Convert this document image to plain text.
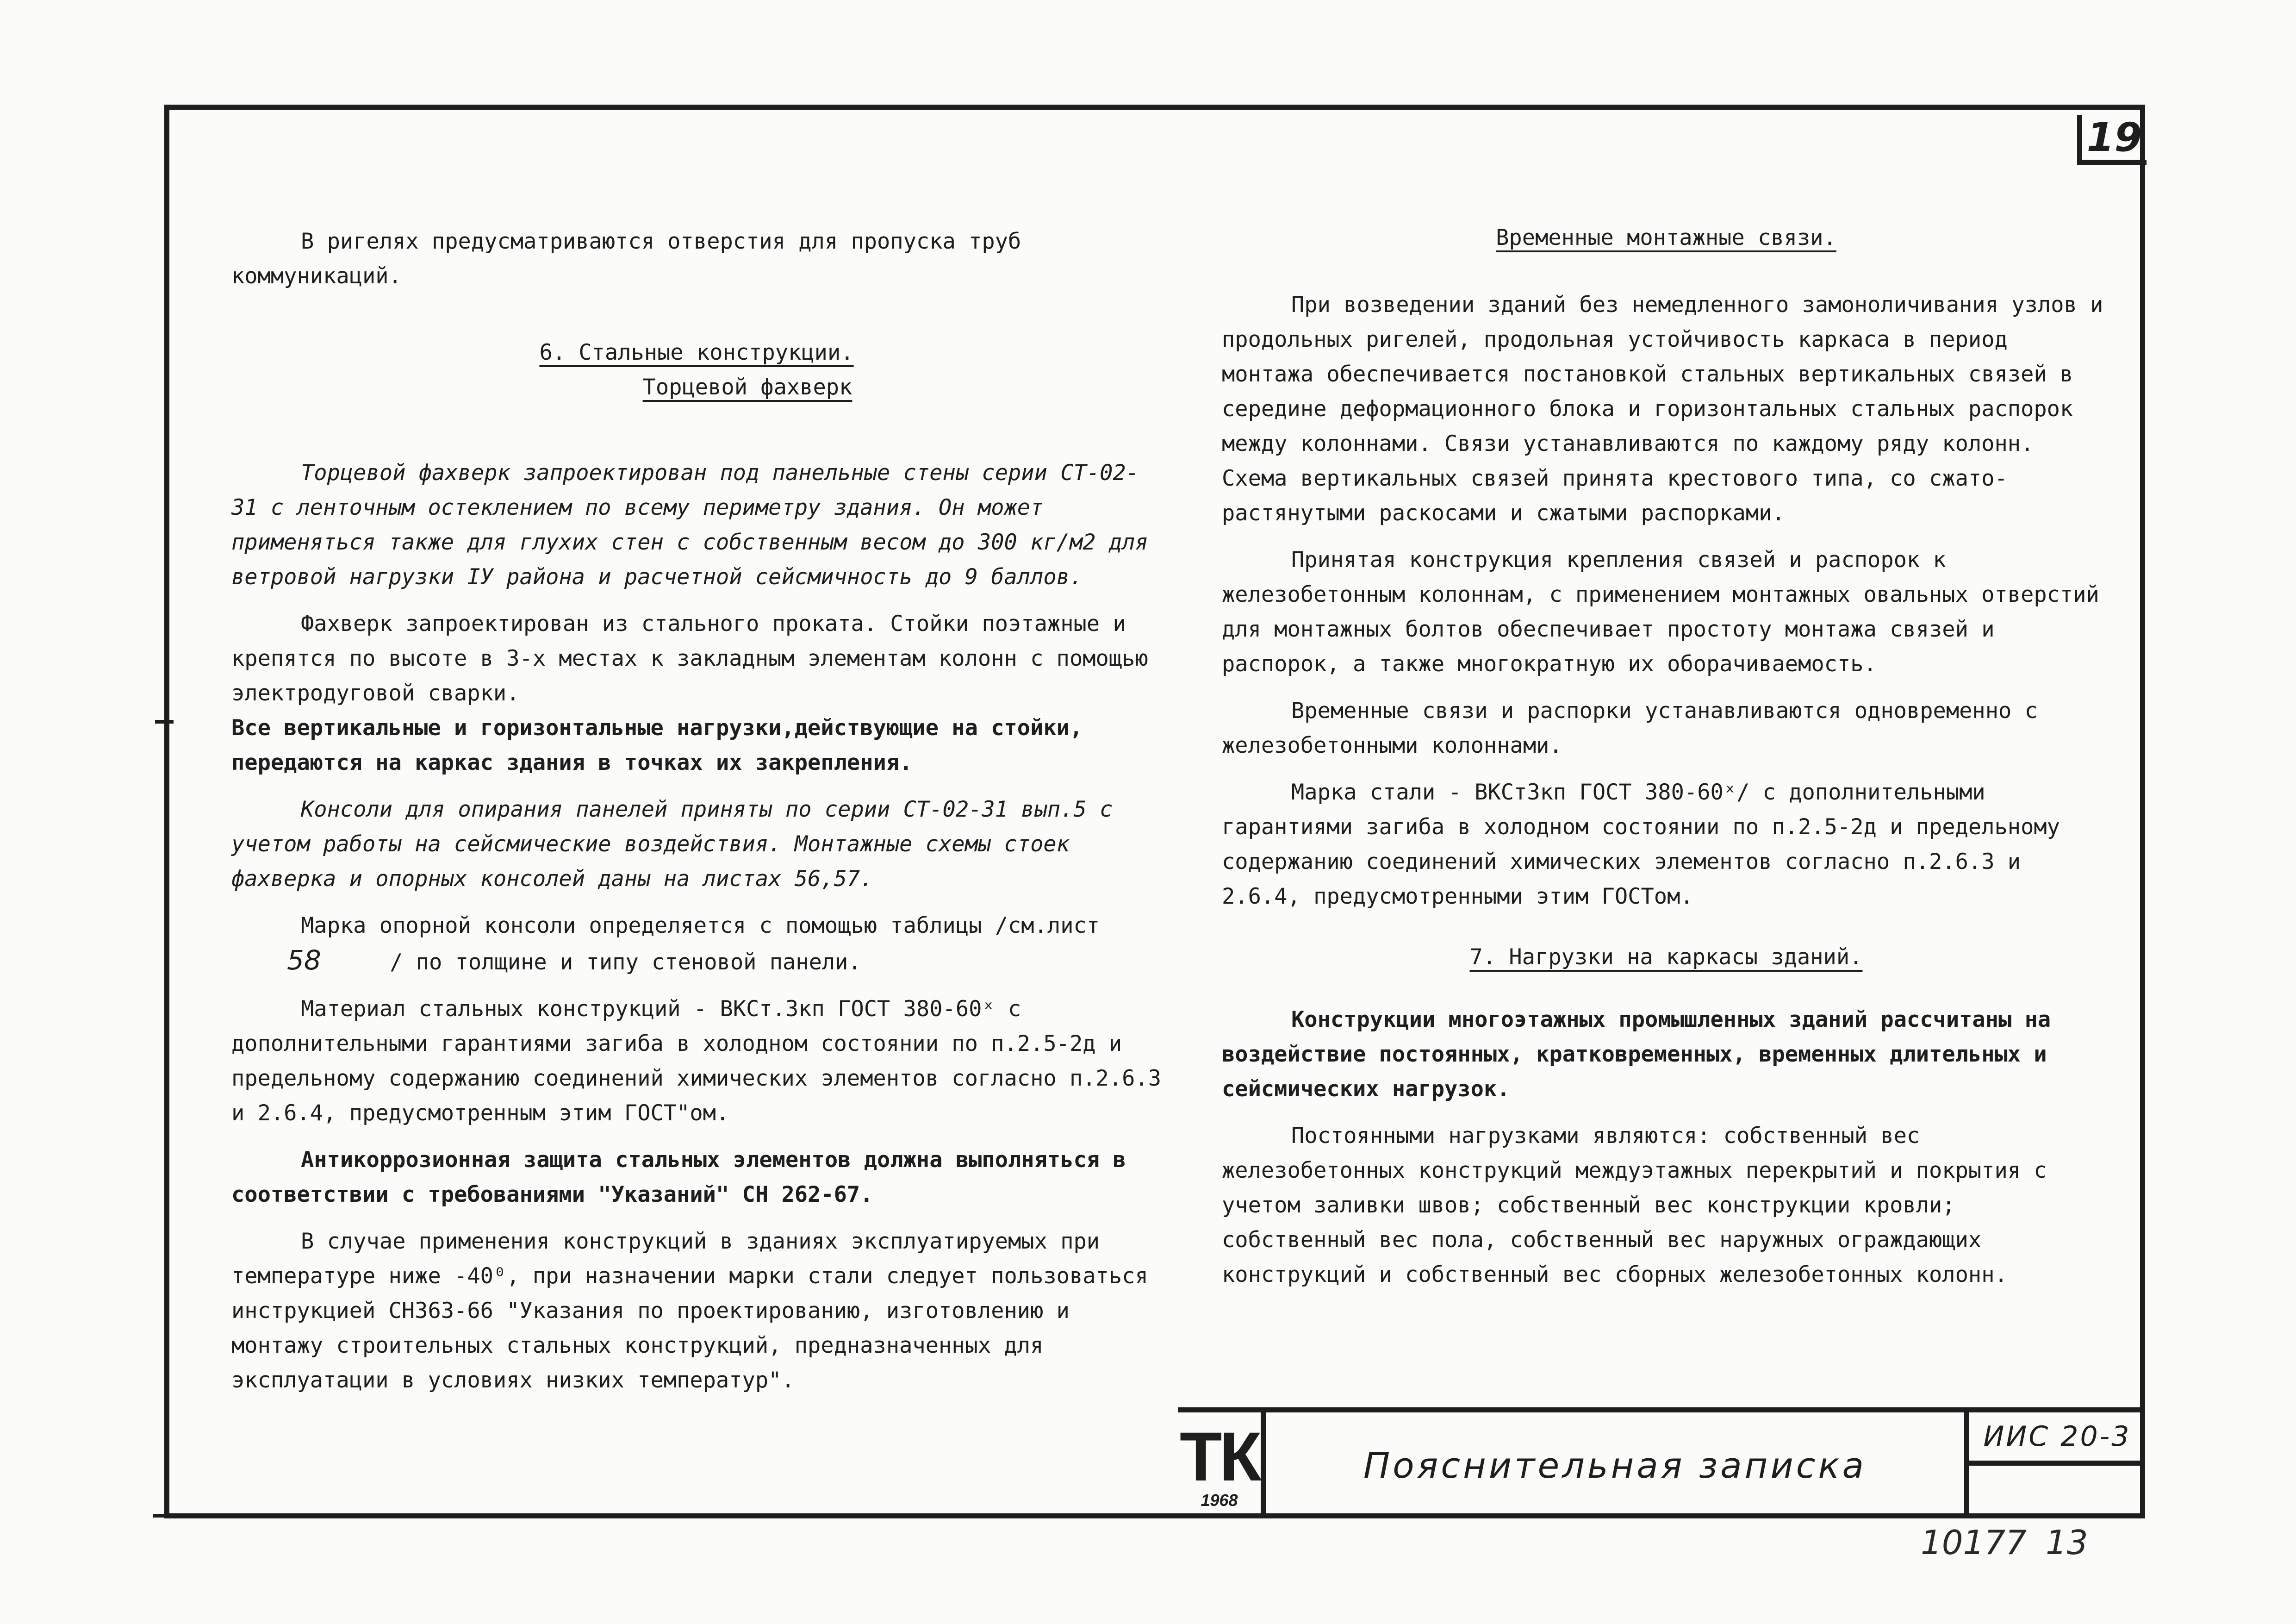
19

В ригелях предусматриваются отверстия для пропуска труб коммуникаций.

6. Стальные конструкции.

Торцевой фахверк

Торцевой фахверк запроектирован под панельные стены серии СТ-02-31 с ленточным остеклением по всему периметру здания. Он может применяться также для глухих стен с собственным весом до 300 кг/м2 для ветровой нагрузки IУ района и расчетной сейсмичность до 9 баллов.

Фахверк запроектирован из стального проката. Стойки поэтажные и крепятся по высоте в 3-х местах к закладным элементам колонн с помощью электродуговой сварки.

Все вертикальные и горизонтальные нагрузки,действующие на стойки, передаются на каркас здания в точках их закрепления.

Консоли для опирания панелей приняты по серии СТ-02-31 вып.5 с учетом работы на сейсмические воздействия. Монтажные схемы стоек фахверка и опорных консолей даны на листах 56,57.

Марка опорной консоли определяется с помощью таблицы /см.лист 58	/ по толщине и типу стеновой панели.

Материал стальных конструкций - ВКСт.3кп ГОСТ 380-60ˣ с дополнительными гарантиями загиба в холодном состоянии по п.2.5-2д и предельному содержанию соединений химических элементов согласно п.2.6.3 и 2.6.4, предусмотренным этим ГОСТ"ом.

Антикоррозионная защита стальных элементов должна выполняться в соответствии с требованиями "Указаний" СН 262-67.

В случае применения конструкций в зданиях эксплуатируемых при температуре ниже -40⁰, при назначении марки стали следует пользоваться инструкцией СН363-66 "Указания по проектированию, изготовлению и монтажу строительных стальных конструкций, предназначенных для эксплуатации в условиях низких температур".

Временные монтажные связи.

При возведении зданий без немедленного замоноличивания узлов и продольных ригелей, продольная устойчивость каркаса в период монтажа обеспечивается постановкой стальных вертикальных связей в середине деформационного блока и горизонтальных стальных распорок между колоннами. Связи устанавливаются по каждому ряду колонн. Схема вертикальных связей принята крестового типа, со сжато-растянутыми раскосами и сжатыми распорками.

Принятая конструкция крепления связей и распорок к железобетонным колоннам, с применением монтажных овальных отверстий для монтажных болтов обеспечивает простоту монтажа связей и распорок, а также многократную их оборачиваемость.

Временные связи и распорки устанавливаются одновременно с железобетонными колоннами.

Марка стали - ВКСт3кп ГОСТ 380-60ˣ/ с дополнительными гарантиями загиба в холодном состоянии по п.2.5-2д и предельному содержанию соединений химических элементов согласно п.2.6.3 и 2.6.4, предусмотренными этим ГОСТом.

7. Нагрузки на каркасы зданий.

Конструкции многоэтажных промышленных зданий рассчитаны на воздействие постоянных, кратковременных, временных длительных и сейсмических нагрузок.

Постоянными нагрузками являются: собственный вес железобетонных конструкций междуэтажных перекрытий и покрытия с учетом заливки швов; собственный вес конструкции кровли; собственный вес пола, собственный вес наружных ограждающих конструкций и собственный вес сборных железобетонных колонн.

ТК
1968
Пояснительная записка
ИИС 20-3
10177 13
